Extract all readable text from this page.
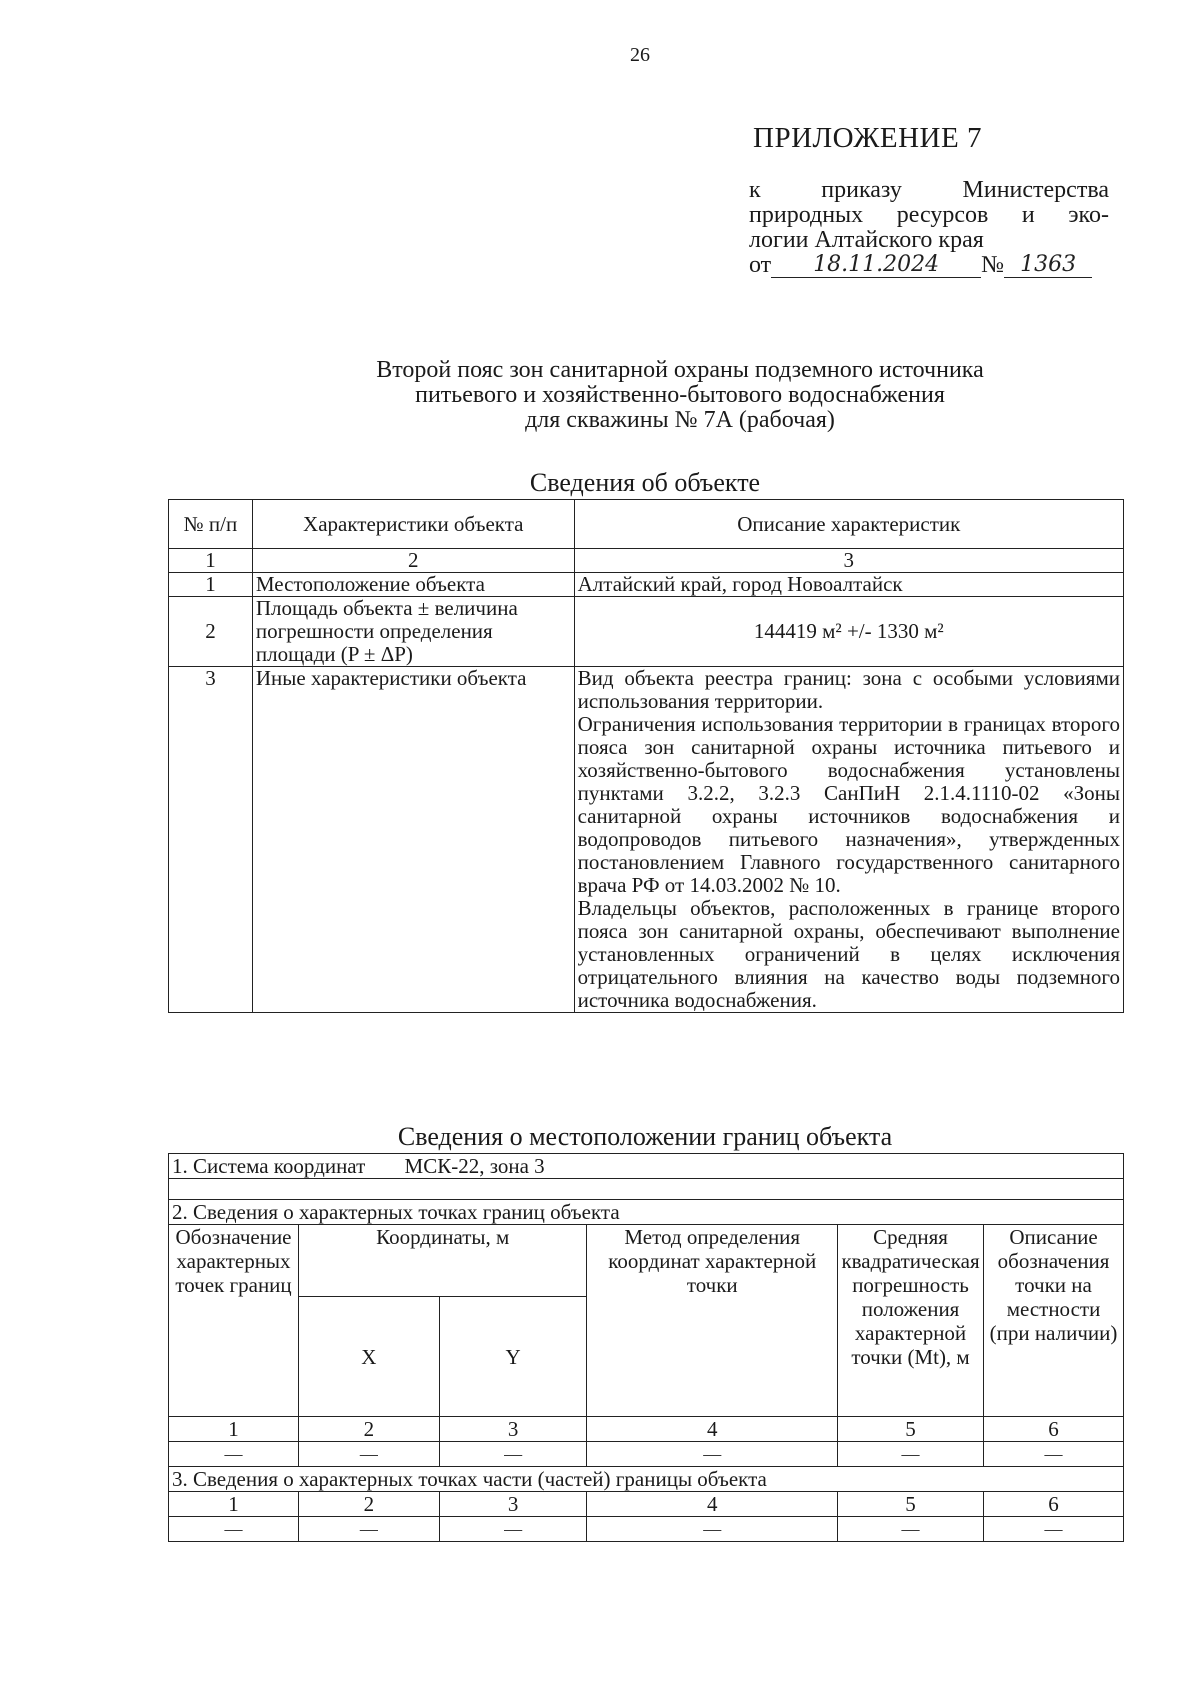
26
ПРИЛОЖЕНИЕ 7
к	приказу	Министерства
природных ресурсов и эко-
логии Алтайского края
от	18.11.2024	№ 1363
Второй пояс зон санитарной охраны подземного источника
питьевого и хозяйственно-бытового водоснабжения
для скважины № 7А (рабочая)
Сведения об объекте
№ п/п	Характеристики объекта	Описание характеристик
1	2	3
1	Местоположение объекта	Алтайский край, город Новоалтайск
2	Площадь объекта ± величина погрешности определения площади (P ± ΔP)	144419 м² +/- 1330 м²
3	Иные характеристики объекта	Вид объекта реестра границ: зона с особыми условиями использования территории.
Ограничения использования территории в границах второго пояса зон санитарной охраны источника питьевого и хозяйственно-бытового водоснабжения установлены пунктами 3.2.2, 3.2.3 СанПиН 2.1.4.1110-02 «Зоны санитарной охраны источников водоснабжения и водопроводов питьевого назначения», утвержденных постановлением Главного государственного санитарного врача РФ от 14.03.2002 № 10.
Владельцы объектов, расположенных в границе второго пояса зон санитарной охраны, обеспечивают выполнение установленных ограничений в целях исключения отрицательного влияния на качество воды подземного источника водоснабжения.
Сведения о местоположении границ объекта
1. Система координат МСК-22, зона 3					

2. Сведения о характерных точках границ объекта					
Обозначение характерных точек границ	Координаты, м		Метод определения координат характерной точки	Средняя квадратическая погрешность положения характерной точки (Mt), м	Описание обозначения точки на местности (при наличии)
	X	Y			
1	2	3	4	5	6
—	—	—	—	—	—
3. Сведения о характерных точках части (частей) границы объекта					
1	2	3	4	5	6
—	—	—	—	—	—
